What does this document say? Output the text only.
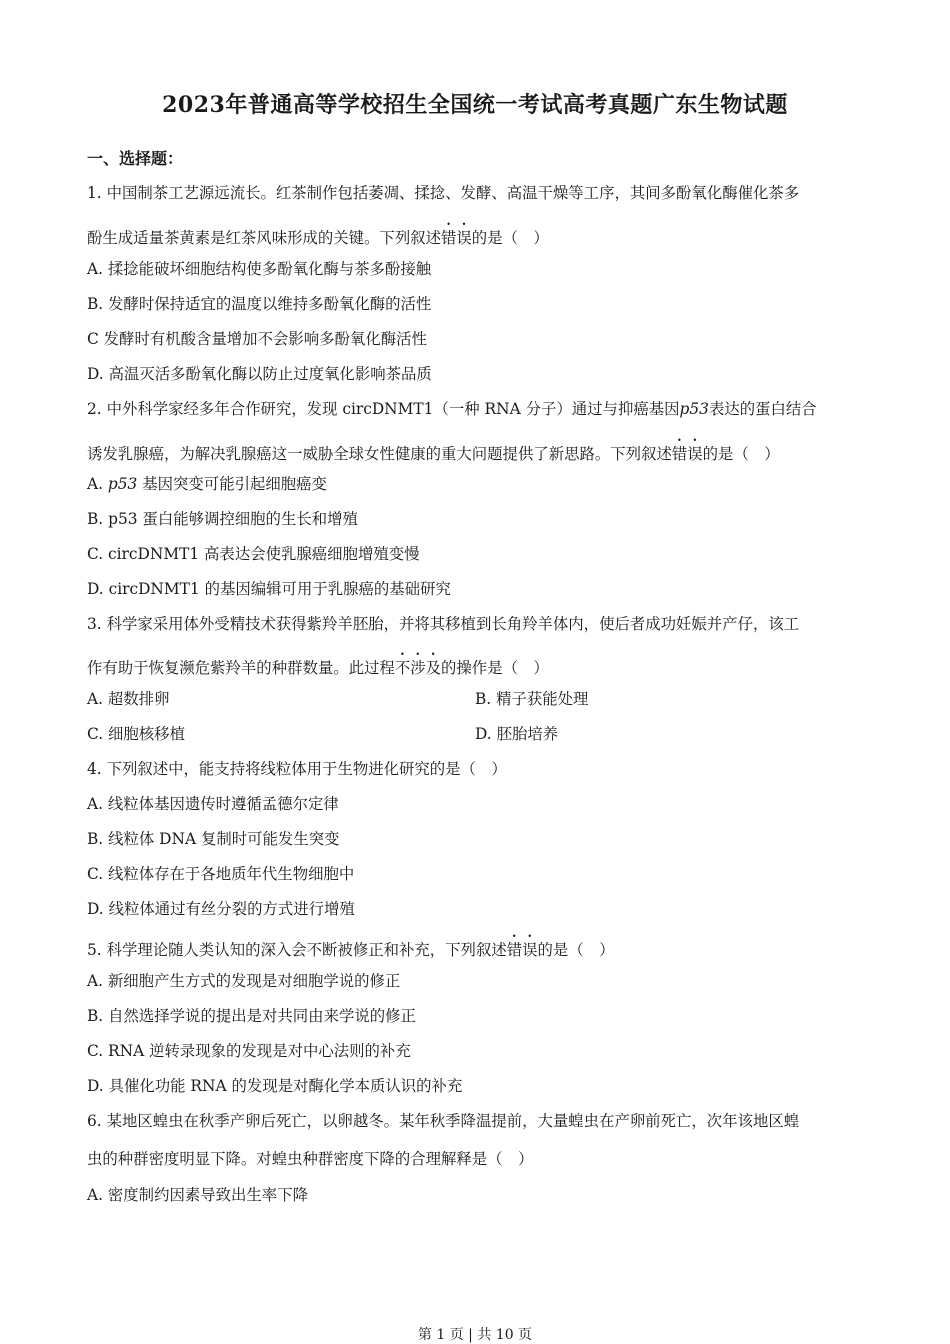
2023年普通高等学校招生全国统一考试高考真题广东生物试题
一、选择题：
1. 中国制茶工艺源远流长。红茶制作包括萎凋、揉捻、发酵、高温干燥等工序，其间多酚氧化酶催化茶多
酚生成适量茶黄素是红茶风味形成的关键。下列叙述错误的是（　）
A. 揉捻能破坏细胞结构使多酚氧化酶与茶多酚接触
B. 发酵时保持适宜的温度以维持多酚氧化酶的活性
C 发酵时有机酸含量增加不会影响多酚氧化酶活性
D. 高温灭活多酚氧化酶以防止过度氧化影响茶品质
2. 中外科学家经多年合作研究，发现 circDNMT1（一种 RNA 分子）通过与抑癌基因p53表达的蛋白结合
诱发乳腺癌，为解决乳腺癌这一威胁全球女性健康的重大问题提供了新思路。下列叙述错误的是（　）
A. p53 基因突变可能引起细胞癌变
B. p53 蛋白能够调控细胞的生长和增殖
C. circDNMT1 高表达会使乳腺癌细胞增殖变慢
D. circDNMT1 的基因编辑可用于乳腺癌的基础研究
3. 科学家采用体外受精技术获得紫羚羊胚胎，并将其移植到长角羚羊体内，使后者成功妊娠并产仔，该工
作有助于恢复濒危紫羚羊的种群数量。此过程不涉及的操作是（　）
A. 超数排卵	B. 精子获能处理
C. 细胞核移植	D. 胚胎培养
4. 下列叙述中，能支持将线粒体用于生物进化研究的是（　）
A. 线粒体基因遗传时遵循孟德尔定律
B. 线粒体 DNA 复制时可能发生突变
C. 线粒体存在于各地质年代生物细胞中
D. 线粒体通过有丝分裂的方式进行增殖
5. 科学理论随人类认知的深入会不断被修正和补充，下列叙述错误的是（　）
A. 新细胞产生方式的发现是对细胞学说的修正
B. 自然选择学说的提出是对共同由来学说的修正
C. RNA 逆转录现象的发现是对中心法则的补充
D. 具催化功能 RNA 的发现是对酶化学本质认识的补充
6. 某地区蝗虫在秋季产卵后死亡，以卵越冬。某年秋季降温提前，大量蝗虫在产卵前死亡，次年该地区蝗
虫的种群密度明显下降。对蝗虫种群密度下降的合理解释是（　）
A. 密度制约因素导致出生率下降
第 1 页 | 共 10 页
